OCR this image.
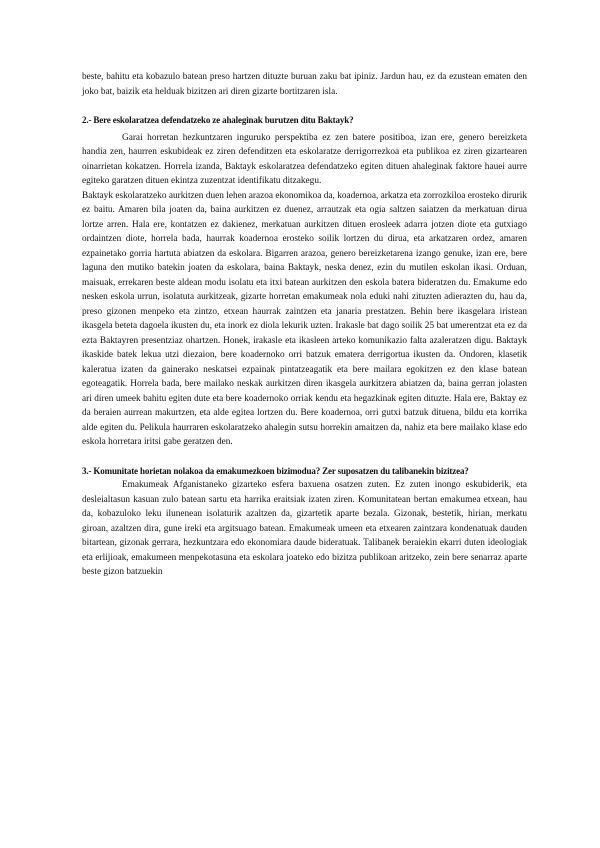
beste, bahitu eta kobazulo batean preso hartzen dituzte buruan zaku bat ipiniz. Jardun hau, ez da ezustean ematen den joko bat, baizik eta helduak bizitzen ari diren gizarte bortitzaren isla.

2.- Bere eskolaratzea defendatzeko ze ahaleginak burutzen ditu Baktayk?

Garai horretan hezkuntzaren inguruko perspektiba ez zen batere positiboa, izan ere, genero bereizketa handia zen, haurren eskubideak ez ziren defenditzen eta eskolaratze derrigorrezkoa eta publikoa ez ziren gizartearen oinarrietan kokatzen. Horrela izanda, Baktayk eskolaratzea defendatzeko egiten dituen ahaleginak faktore hauei aurre egiteko garatzen dituen ekintza zuzentzat identifikatu ditzakegu.

Baktayk eskolaratzeko aurkitzen duen lehen arazoa ekonomikoa da, koadernoa, arkatza eta zorrozkiloa erosteko dirurik ez baitu. Amaren bila joaten da, baina aurkitzen ez duenez, arrautzak eta ogia saltzen saiatzen da merkatuan dirua lortze arren. Hala ere, kontatzen ez dakienez, merkatuan aurkitzen dituen erosleek adarra jotzen diote eta gutxiago ordaintzen diote, horrela bada, haurrak koadernoa erosteko soilik lortzen du dirua, eta arkatzaren ordez, amaren ezpainetako gorria hartuta abiatzen da eskolara. Bigarren arazoa, genero bereizketarena izango genuke, izan ere, bere laguna den mutiko batekin joaten da eskolara, baina Baktayk, neska denez, ezin du mutilen eskolan ikasi. Orduan, maisuak, errekaren beste aldean modu isolatu eta itxi batean aurkitzen den eskola batera bideratzen du. Emakume edo nesken eskola urrun, isolatuta aurkitzeak, gizarte horretan emakumeak nola eduki nahi zituzten adierazten du, hau da, preso gizonen menpeko eta zintzo, etxean haurrak zaintzen eta janaria prestatzen. Behin bere ikasgelara iristean ikasgela beteta dagoela ikusten du, eta inork ez diola lekurik uzten. Irakasle bat dago soilik 25 bat umerentzat eta ez da ezta Baktayren presentziaz ohartzen. Honek, irakasle eta ikasleen arteko komunikazio falta azaleratzen digu. Baktayk ikaskide batek lekua utzi diezaion, bere koadernoko orri batzuk ematera derrigortua ikusten da. Ondoren, klasetik kaleratua izaten da gainerako neskatsei ezpainak pintatzeagatik eta bere mailara egokitzen ez den klase batean egoteagatik. Horrela bada, bere mailako neskak aurkitzen diren ikasgela aurkitzera abiatzen da, baina gerran jolasten ari diren umeek bahitu egiten dute eta bere koadernoko orriak kendu eta hegazkinak egiten dituzte. Hala ere, Baktay ez da beraien aurrean makurtzen, eta alde egitea lortzen du. Bere koadernoa, orri gutxi batzuk dituena, bildu eta korrika alde egiten du. Pelikula haurraren eskolaratzeko ahalegin sutsu horrekin amaitzen da, nahiz eta bere mailako klase edo eskola horretara iritsi gabe geratzen den.

3.- Komunitate horietan nolakoa da emakumezkoen bizimodua? Zer suposatzen du talibanekin bizitzea?

Emakumeak Afganistaneko gizarteko esfera baxuena osatzen zuten. Ez zuten inongo eskubiderik, eta desleialtasun kasuan zulo batean sartu eta harrika eraitsiak izaten ziren. Komunitatean bertan emakumea etxean, hau da, kobazuloko leku ilunenean isolaturik azaltzen da, gizartetik aparte bezala. Gizonak, bestetik, hirian, merkatu giroan, azaltzen dira, gune ireki eta argitsuago batean. Emakumeak umeen eta etxearen zaintzara kondenatuak dauden bitartean, gizonak gerrara, hezkuntzara edo ekonomiara daude bideratuak. Talibanek beraiekin ekarri duten ideologiak eta erlijioak, emakumeen menpekotasuna eta eskolara joateko edo bizitza publikoan aritzeko, zein bere senarraz aparte beste gizon batzuekin
